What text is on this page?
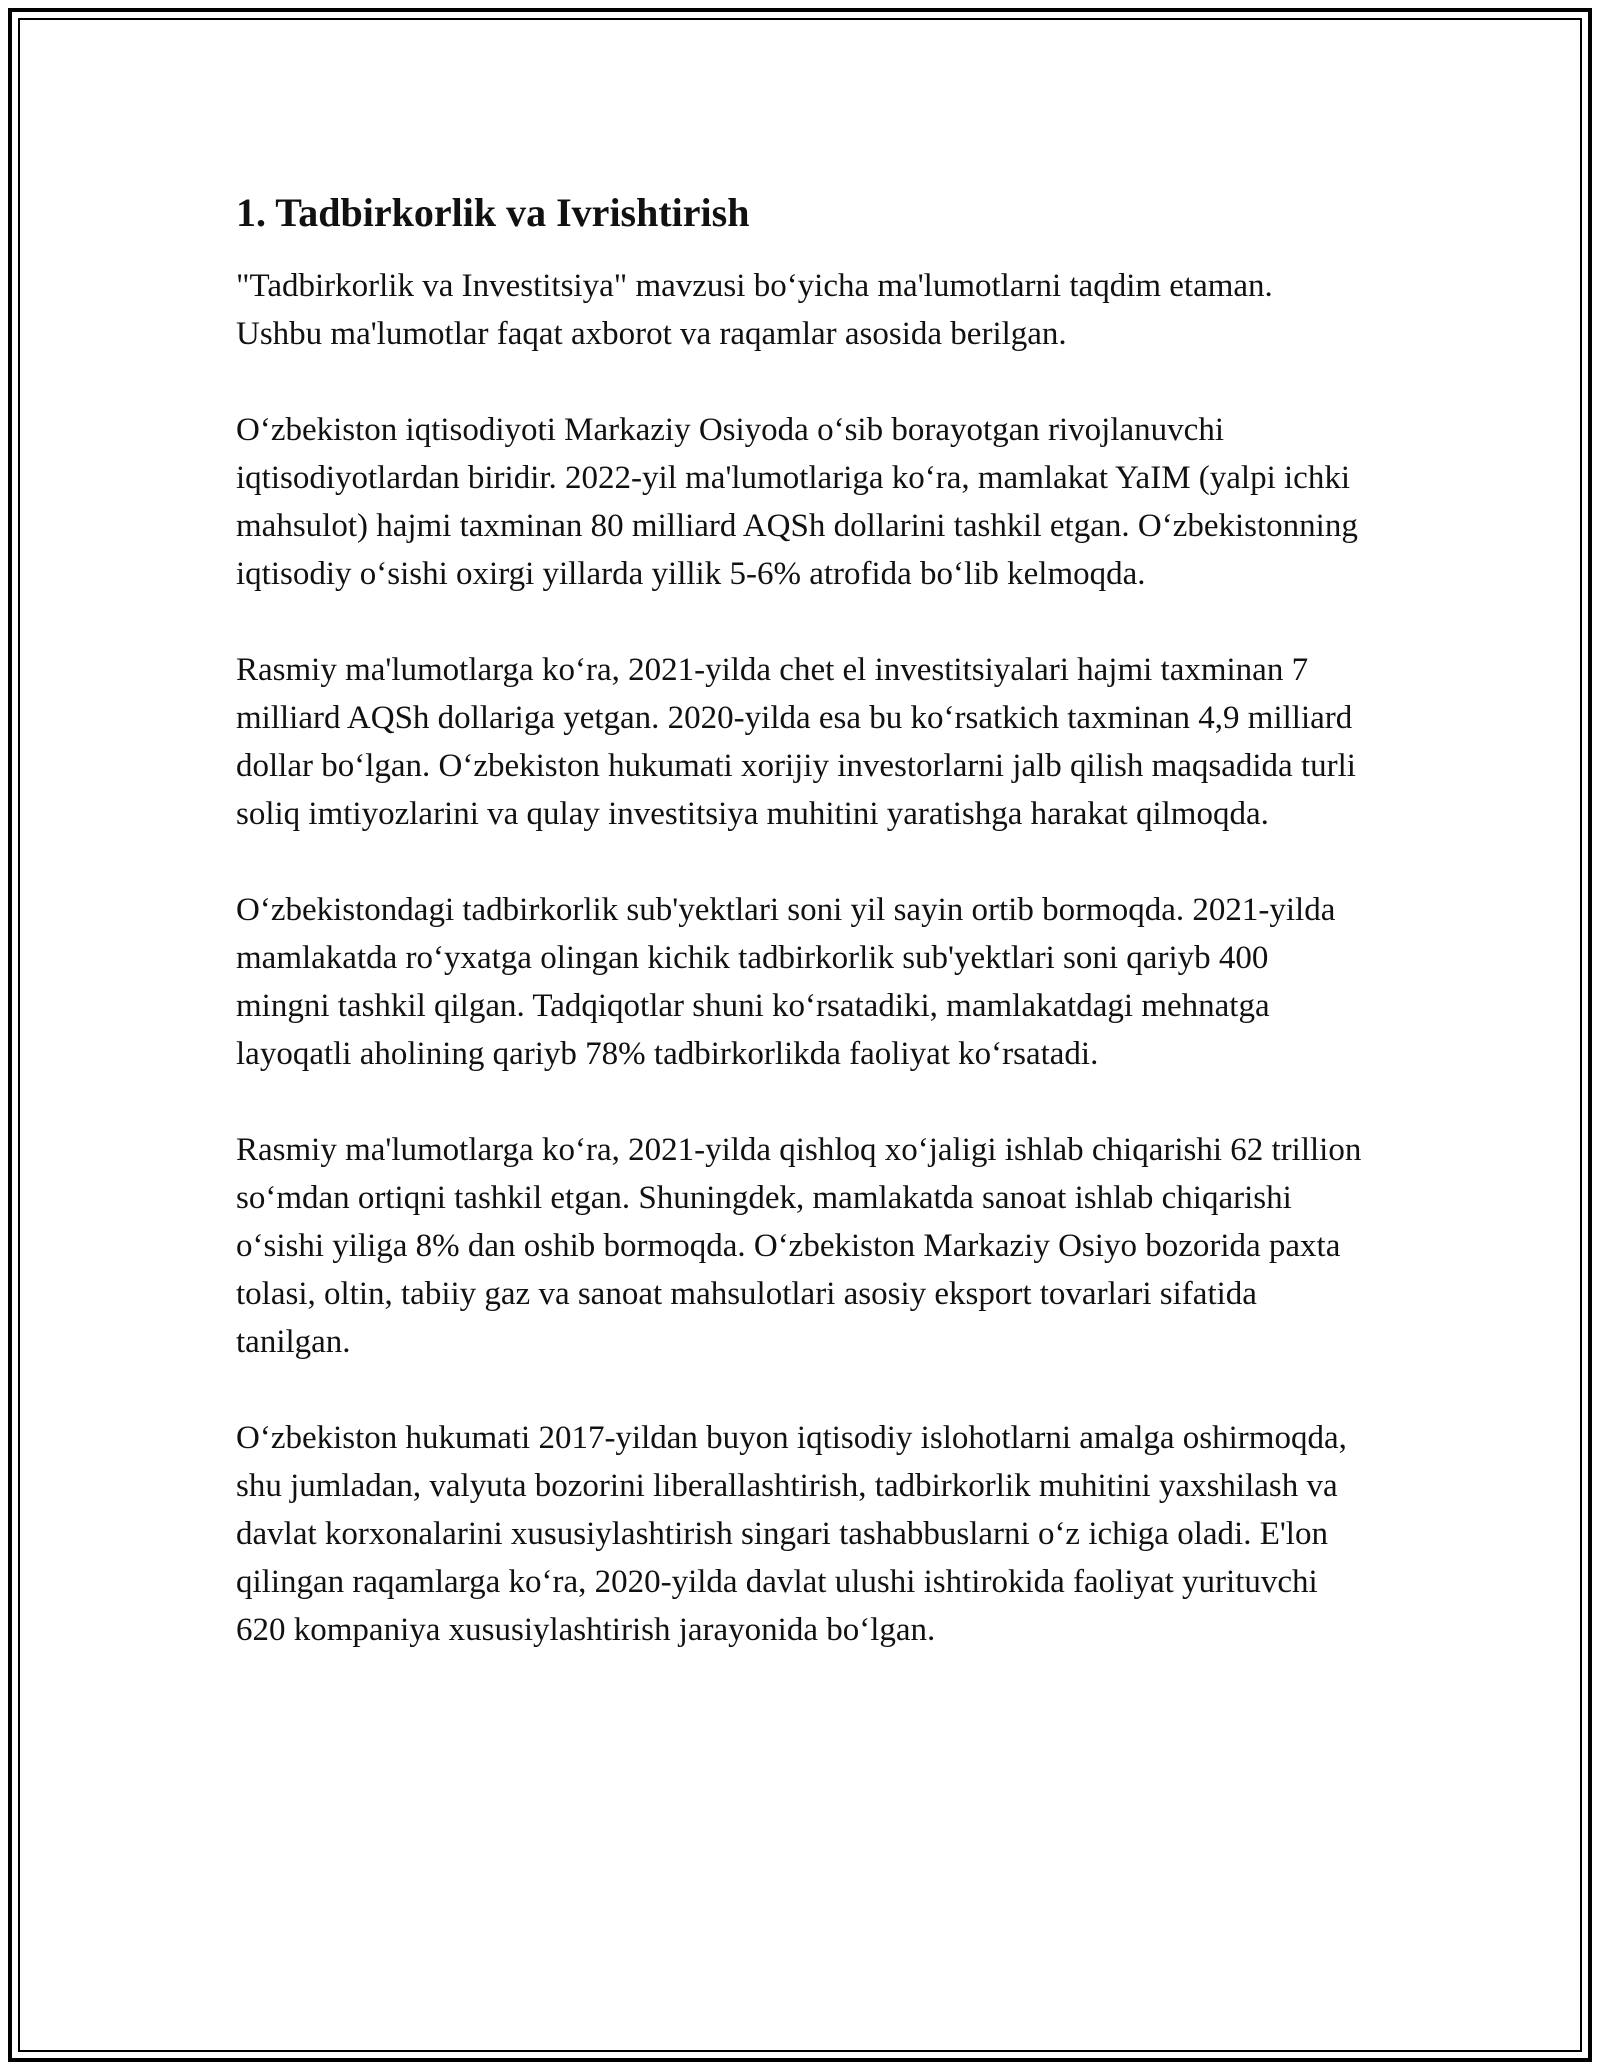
1. Tadbirkorlik va Ivrishtirish

"Tadbirkorlik va Investitsiya" mavzusi bo‘yicha ma'lumotlarni taqdim etaman. Ushbu ma'lumotlar faqat axborot va raqamlar asosida berilgan.

O‘zbekiston iqtisodiyoti Markaziy Osiyoda o‘sib borayotgan rivojlanuvchi iqtisodiyotlardan biridir. 2022-yil ma'lumotlariga ko‘ra, mamlakat YaIM (yalpi ichki mahsulot) hajmi taxminan 80 milliard AQSh dollarini tashkil etgan. O‘zbekistonning iqtisodiy o‘sishi oxirgi yillarda yillik 5-6% atrofida bo‘lib kelmoqda.

Rasmiy ma'lumotlarga ko‘ra, 2021-yilda chet el investitsiyalari hajmi taxminan 7 milliard AQSh dollariga yetgan. 2020-yilda esa bu ko‘rsatkich taxminan 4,9 milliard dollar bo‘lgan. O‘zbekiston hukumati xorijiy investorlarni jalb qilish maqsadida turli soliq imtiyozlarini va qulay investitsiya muhitini yaratishga harakat qilmoqda.

O‘zbekistondagi tadbirkorlik sub'yektlari soni yil sayin ortib bormoqda. 2021-yilda mamlakatda ro‘yxatga olingan kichik tadbirkorlik sub'yektlari soni qariyb 400 mingni tashkil qilgan. Tadqiqotlar shuni ko‘rsatadiki, mamlakatdagi mehnatga layoqatli aholining qariyb 78% tadbirkorlikda faoliyat ko‘rsatadi.

Rasmiy ma'lumotlarga ko‘ra, 2021-yilda qishloq xo‘jaligi ishlab chiqarishi 62 trillion so‘mdan ortiqni tashkil etgan. Shuningdek, mamlakatda sanoat ishlab chiqarishi o‘sishi yiliga 8% dan oshib bormoqda. O‘zbekiston Markaziy Osiyo bozorida paxta tolasi, oltin, tabiiy gaz va sanoat mahsulotlari asosiy eksport tovarlari sifatida tanilgan.

O‘zbekiston hukumati 2017-yildan buyon iqtisodiy islohotlarni amalga oshirmoqda, shu jumladan, valyuta bozorini liberallashtirish, tadbirkorlik muhitini yaxshilash va davlat korxonalarini xususiylashtirish singari tashabbuslarni o‘z ichiga oladi. E'lon qilingan raqamlarga ko‘ra, 2020-yilda davlat ulushi ishtirokida faoliyat yurituvchi 620 kompaniya xususiylashtirish jarayonida bo‘lgan.
